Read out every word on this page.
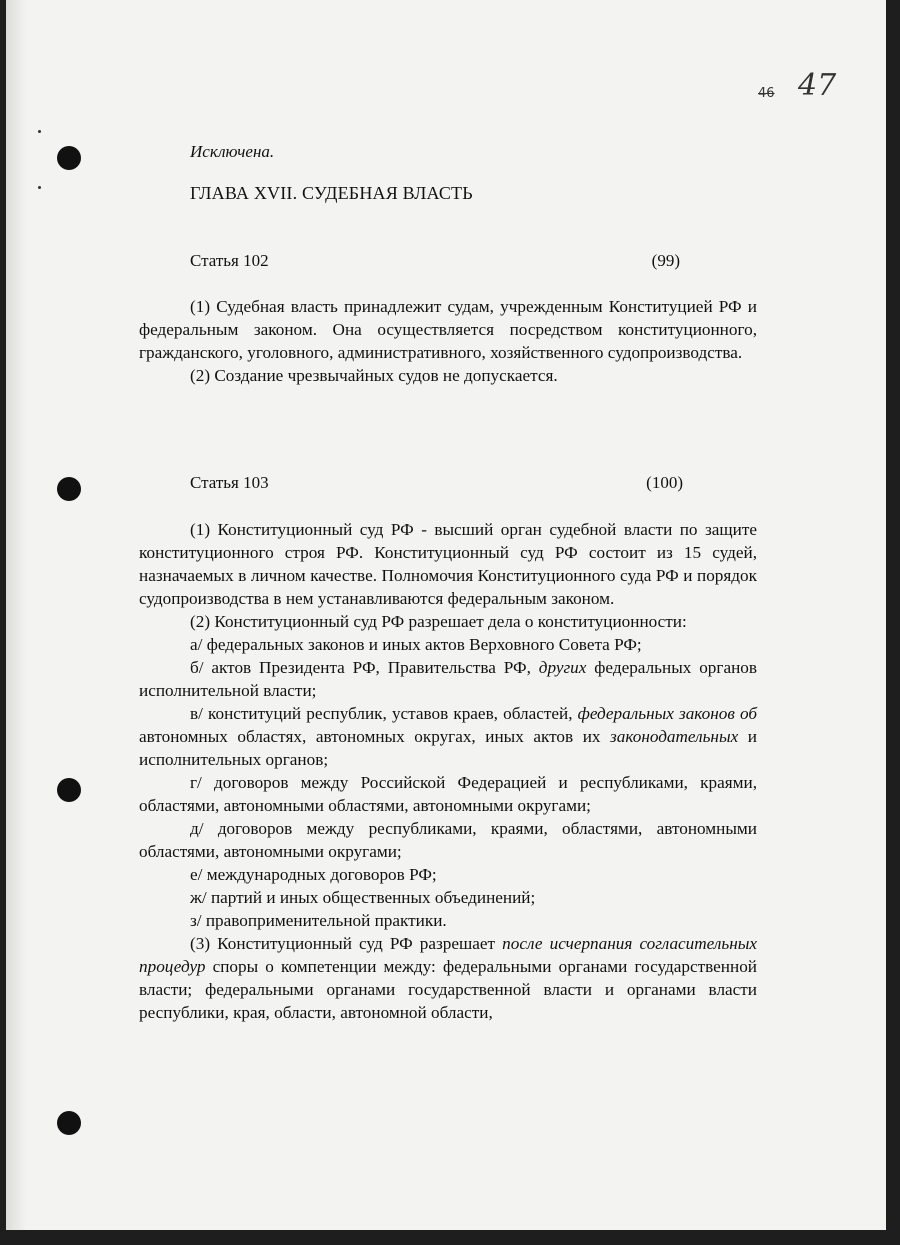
46 47
Исключена.
ГЛАВА XVII. СУДЕБНАЯ ВЛАСТЬ
Статья 102	(99)

(1) Судебная власть принадлежит судам, учрежденным Конституцией РФ и федеральным законом. Она осуществляется посредством конституционного, гражданского, уголовного, административного, хозяйственного судопроизводства.

(2) Создание чрезвычайных судов не допускается.

Статья 103	(100)

(1) Конституционный суд РФ - высший орган судебной власти по защите конституционного строя РФ. Конституционный суд РФ состоит из 15 судей, назначаемых в личном качестве. Полномочия Конституционного суда РФ и порядок судопроизводства в нем устанавливаются федеральным законом.

(2) Конституционный суд РФ разрешает дела о конституционности:

а/ федеральных законов и иных актов Верховного Совета РФ;

б/ актов Президента РФ, Правительства РФ, других федеральных органов исполнительной власти;

в/ конституций республик, уставов краев, областей, федеральных законов об автономных областях, автономных округах, иных актов их законодательных и исполнительных органов;

г/ договоров между Российской Федерацией и республиками, краями, областями, автономными областями, автономными округами;

д/ договоров между республиками, краями, областями, автономными областями, автономными округами;

е/ международных договоров РФ;

ж/ партий и иных общественных объединений;

з/ правоприменительной практики.

(3) Конституционный суд РФ разрешает после исчерпания согласительных процедур споры о компетенции между: федеральными органами государственной власти; федеральными органами государственной власти и органами власти республики, края, области, автономной области,
